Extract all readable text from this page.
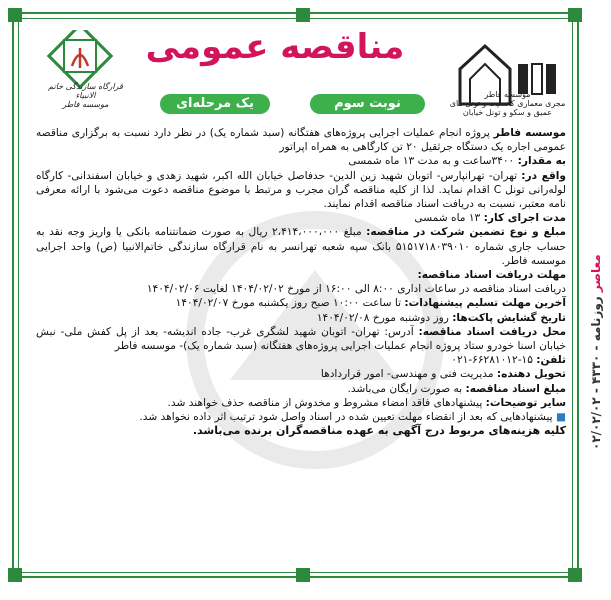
۰۲/۰۲/۰۲ - ۴۳۳۰ - معاصر روزنامه
موسسه فاطر
مجری معماری کانسپت و تونل های عمیق و سکو و تونل خیابان
قرارگاه سازندگی خاتم الانبیاء
موسسه فاطر
مناقصه عمومی
نوبت سوم
یک مرحله‌ای

موسسه فاطر پروژه انجام عملیات اجرایی پروژه‌های هفتگانه (سبد شماره یک) در نظر دارد نسبت به برگزاری مناقصه عمومی اجاره یک دستگاه جرثقیل ۲۰ تن کارگاهی به همراه اپراتور

به مقدار: ۳۴۰۰ساعت و به مدت ۱۳ ماه شمسی

واقع در: تهران- تهرانپارس- اتوبان شهید زین الدین- حدفاصل خیابان الله اکبر، شهید زهدی و خیابان اسفندانی- کارگاه لوله‌رانی تونل C اقدام نماید. لذا از کلیه مناقصه گران مجرب و مرتبط با موضوع مناقصه دعوت می‌شود با ارائه معرفی نامه معتبر، نسبت به دریافت اسناد مناقصه اقدام نمایند.

مدت اجرای کار: ۱۳ ماه شمسی

مبلغ و نوع تضمین شرکت در مناقصه: مبلغ ۲،۴۱۴،۰۰۰،۰۰۰ ریال به صورت ضمانتنامه بانکی یا واریز وجه نقد به حساب جاری شماره ۵۱۵۱۷۱۸۰۳۹۰۱۰ بانک سپه شعبه تهرانسر به نام قرارگاه سازندگی خاتم‌الانبیا (ص) واحد اجرایی موسسه فاطر.

مهلت دریافت اسناد مناقصه:

دریافت اسناد مناقصه در ساعات اداری ۸:۰۰ الی ۱۶:۰۰ از مورخ ۱۴۰۴/۰۲/۰۲ لغایت ۱۴۰۴/۰۲/۰۶

آخرین مهلت تسلیم پیشنهادات: تا ساعت ۱۰:۰۰ صبح روز یکشنبه مورخ ۱۴۰۴/۰۲/۰۷

تاریخ گشایش پاکت‌ها: روز دوشنبه مورخ ۱۴۰۴/۰۲/۰۸

محل دریافت اسناد مناقصه: آدرس: تهران- اتوبان شهید لشگری غرب- جاده اندیشه- بعد از پل کفش ملی- نبش خیابان اسنا خودرو ستاد پروژه انجام عملیات اجرایی پروژه‌های هفتگانه (سبد شماره یک)- موسسه فاطر

تلفن: ۱۵-۶۶۲۸۱۰۱۲-۰۲۱

تحویل دهنده: مدیریت فنی و مهندسی- امور قراردادها

مبلغ اسناد مناقصه: به صورت رایگان می‌باشد.

سایر توضیحات: پیشنهادهای فاقد امضاء مشروط و مخدوش از مناقصه حذف خواهند شد.

■ پیشنهادهایی که بعد از انقضاء مهلت تعیین شده در اسناد واصل شود ترتیب اثر داده نخواهد شد.

کلیه هزینه‌های مربوط درج آگهی به عهده مناقصه‌گران برنده می‌باشد.
